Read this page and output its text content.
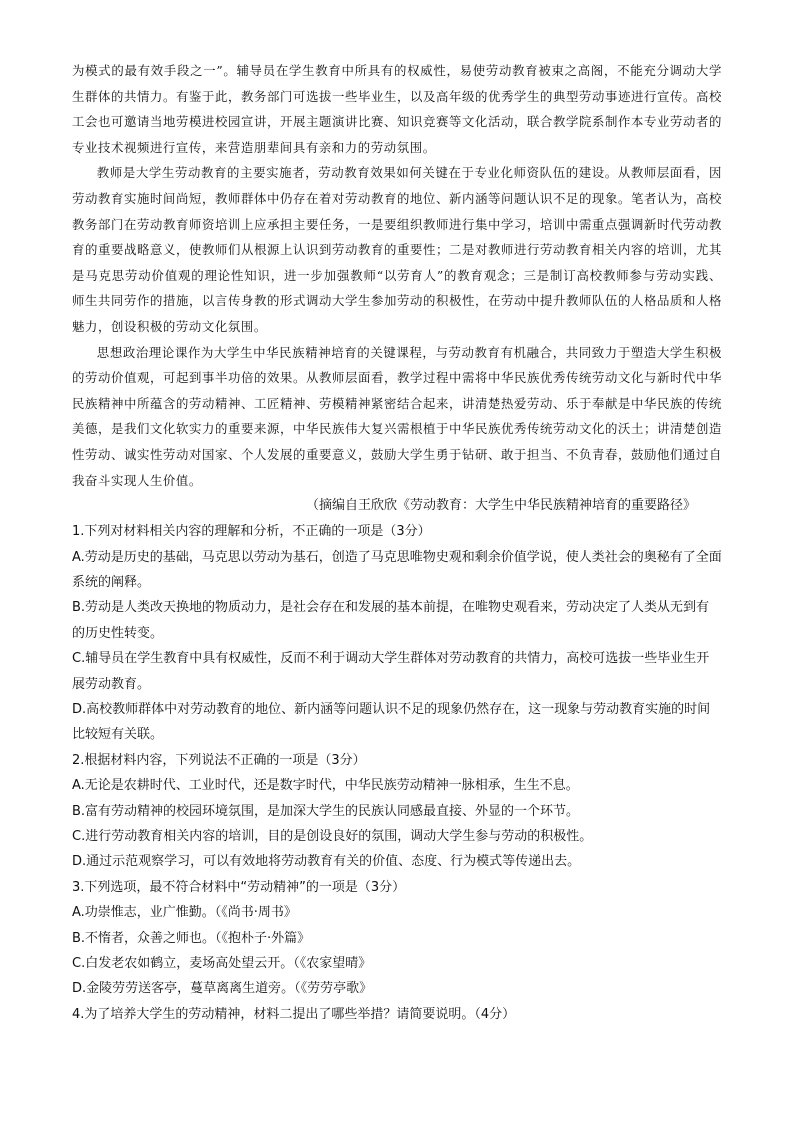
为模式的最有效手段之一”。辅导员在学生教育中所具有的权威性，易使劳动教育被束之高阁，不能充分调动大学生群体的共情力。有鉴于此，教务部门可选拔一些毕业生，以及高年级的优秀学生的典型劳动事迹进行宣传。高校工会也可邀请当地劳模进校园宣讲，开展主题演讲比赛、知识竞赛等文化活动，联合教学院系制作本专业劳动者的专业技术视频进行宣传，来营造朋辈间具有亲和力的劳动氛围。

教师是大学生劳动教育的主要实施者，劳动教育效果如何关键在于专业化师资队伍的建设。从教师层面看，因劳动教育实施时间尚短，教师群体中仍存在着对劳动教育的地位、新内涵等问题认识不足的现象。笔者认为，高校教务部门在劳动教育师资培训上应承担主要任务，一是要组织教师进行集中学习，培训中需重点强调新时代劳动教育的重要战略意义，使教师们从根源上认识到劳动教育的重要性；二是对教师进行劳动教育相关内容的培训，尤其是马克思劳动价值观的理论性知识，进一步加强教师“以劳育人”的教育观念；三是制订高校教师参与劳动实践、师生共同劳作的措施，以言传身教的形式调动大学生参加劳动的积极性，在劳动中提升教师队伍的人格品质和人格魅力，创设积极的劳动文化氛围。

思想政治理论课作为大学生中华民族精神培育的关键课程，与劳动教育有机融合，共同致力于塑造大学生积极的劳动价值观，可起到事半功倍的效果。从教师层面看，教学过程中需将中华民族优秀传统劳动文化与新时代中华民族精神中所蕴含的劳动精神、工匠精神、劳模精神紧密结合起来，讲清楚热爱劳动、乐于奉献是中华民族的传统美德，是我们文化软实力的重要来源，中华民族伟大复兴需根植于中华民族优秀传统劳动文化的沃土；讲清楚创造性劳动、诚实性劳动对国家、个人发展的重要意义，鼓励大学生勇于钻研、敢于担当、不负青春，鼓励他们通过自我奋斗实现人生价值。

（摘编自王欣欣《劳动教育：大学生中华民族精神培育的重要路径》

1.下列对材料相关内容的理解和分析，不正确的一项是（3分）

A.劳动是历史的基础，马克思以劳动为基石，创造了马克思唯物史观和剩余价值学说，使人类社会的奥秘有了全面系统的阐释。

B.劳动是人类改天换地的物质动力，是社会存在和发展的基本前提，在唯物史观看来，劳动决定了人类从无到有的历史性转变。

C.辅导员在学生教育中具有权威性，反而不利于调动大学生群体对劳动教育的共情力，高校可选拔一些毕业生开展劳动教育。

D.高校教师群体中对劳动教育的地位、新内涵等问题认识不足的现象仍然存在，这一现象与劳动教育实施的时间比较短有关联。

2.根据材料内容，下列说法不正确的一项是（3分）

A.无论是农耕时代、工业时代，还是数字时代，中华民族劳动精神一脉相承，生生不息。

B.富有劳动精神的校园环境氛围，是加深大学生的民族认同感最直接、外显的一个环节。

C.进行劳动教育相关内容的培训，目的是创设良好的氛围，调动大学生参与劳动的积极性。

D.通过示范观察学习，可以有效地将劳动教育有关的价值、态度、行为模式等传递出去。

3.下列选项，最不符合材料中“劳动精神”的一项是（3分）

A.功崇惟志，业广惟勤。（《尚书·周书》

B.不惰者，众善之师也。（《抱朴子·外篇》

C.白发老农如鹤立，麦场高处望云开。（《农家望晴》

D.金陵劳劳送客亭，蔓草离离生道旁。（《劳劳亭歌》

4.为了培养大学生的劳动精神，材料二提出了哪些举措？请简要说明。（4分）
